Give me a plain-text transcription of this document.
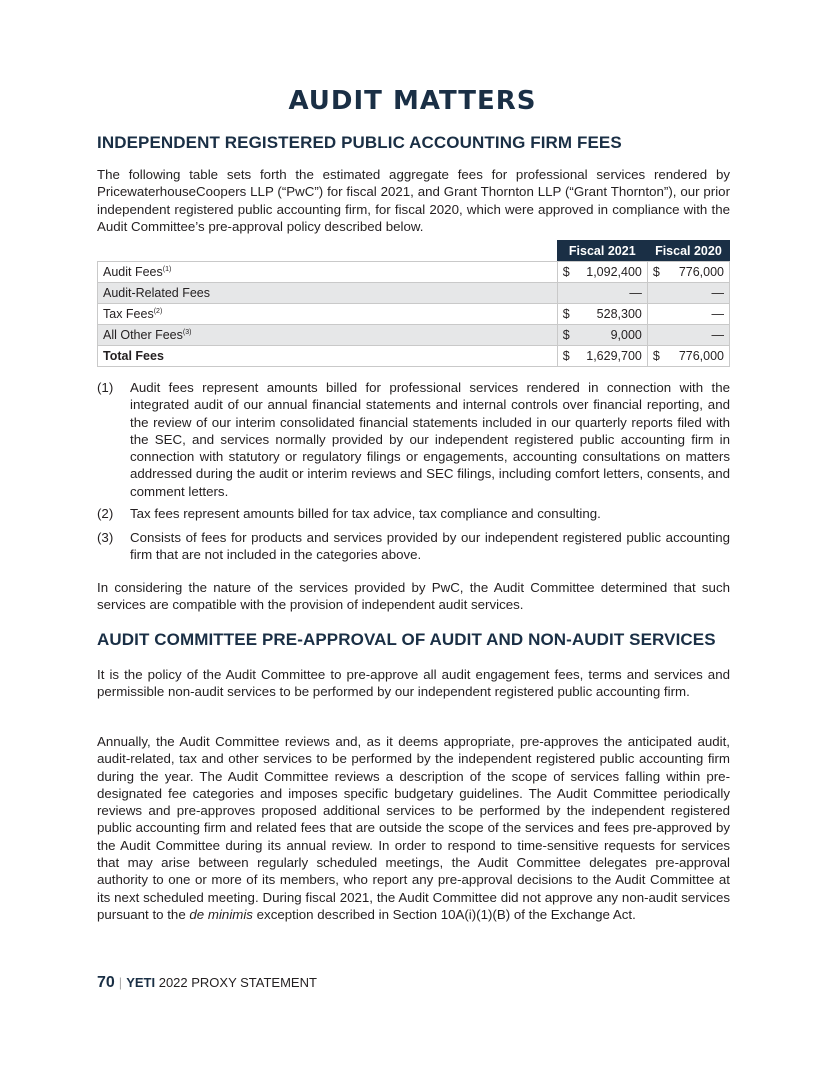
AUDIT MATTERS
INDEPENDENT REGISTERED PUBLIC ACCOUNTING FIRM FEES
The following table sets forth the estimated aggregate fees for professional services rendered by PricewaterhouseCoopers LLP (“PwC”) for fiscal 2021, and Grant Thornton LLP (“Grant Thornton”), our prior independent registered public accounting firm, for fiscal 2020, which were approved in compliance with the Audit Committee’s pre-approval policy described below.
	Fiscal 2021	Fiscal 2020
Audit Fees$^{(1)}$	$ 1,092,400	$ 776,000

Audit-Related Fees	—	—

Tax Fees$^{(2)}$	$ 528,300	—

All Other Fees$^{(3)}$	$ 9,000	—

Total Fees	$ 1,629,700	$ 776,000
(1) Audit fees represent amounts billed for professional services rendered in connection with the integrated audit of our annual financial statements and internal controls over financial reporting, and the review of our interim consolidated financial statements included in our quarterly reports filed with the SEC, and services normally provided by our independent registered public accounting firm in connection with statutory or regulatory filings or engagements, accounting consultations on matters addressed during the audit or interim reviews and SEC filings, including comfort letters, consents, and comment letters.
(2) Tax fees represent amounts billed for tax advice, tax compliance and consulting.
(3) Consists of fees for products and services provided by our independent registered public accounting firm that are not included in the categories above.
In considering the nature of the services provided by PwC, the Audit Committee determined that such services are compatible with the provision of independent audit services.
AUDIT COMMITTEE PRE-APPROVAL OF AUDIT AND NON-AUDIT SERVICES
It is the policy of the Audit Committee to pre-approve all audit engagement fees, terms and services and permissible non-audit services to be performed by our independent registered public accounting firm.
Annually, the Audit Committee reviews and, as it deems appropriate, pre-approves the anticipated audit, audit-related, tax and other services to be performed by the independent registered public accounting firm during the year. The Audit Committee reviews a description of the scope of services falling within pre-designated fee categories and imposes specific budgetary guidelines. The Audit Committee periodically reviews and pre-approves proposed additional services to be performed by the independent registered public accounting firm and related fees that are outside the scope of the services and fees pre-approved by the Audit Committee during its annual review. In order to respond to time-sensitive requests for services that may arise between regularly scheduled meetings, the Audit Committee delegates pre-approval authority to one or more of its members, who report any pre-approval decisions to the Audit Committee at its next scheduled meeting. During fiscal 2021, the Audit Committee did not approve any non-audit services pursuant to the de minimis exception described in Section 10A(i)(1)(B) of the Exchange Act.
70 | YETI 2022 PROXY STATEMENT
